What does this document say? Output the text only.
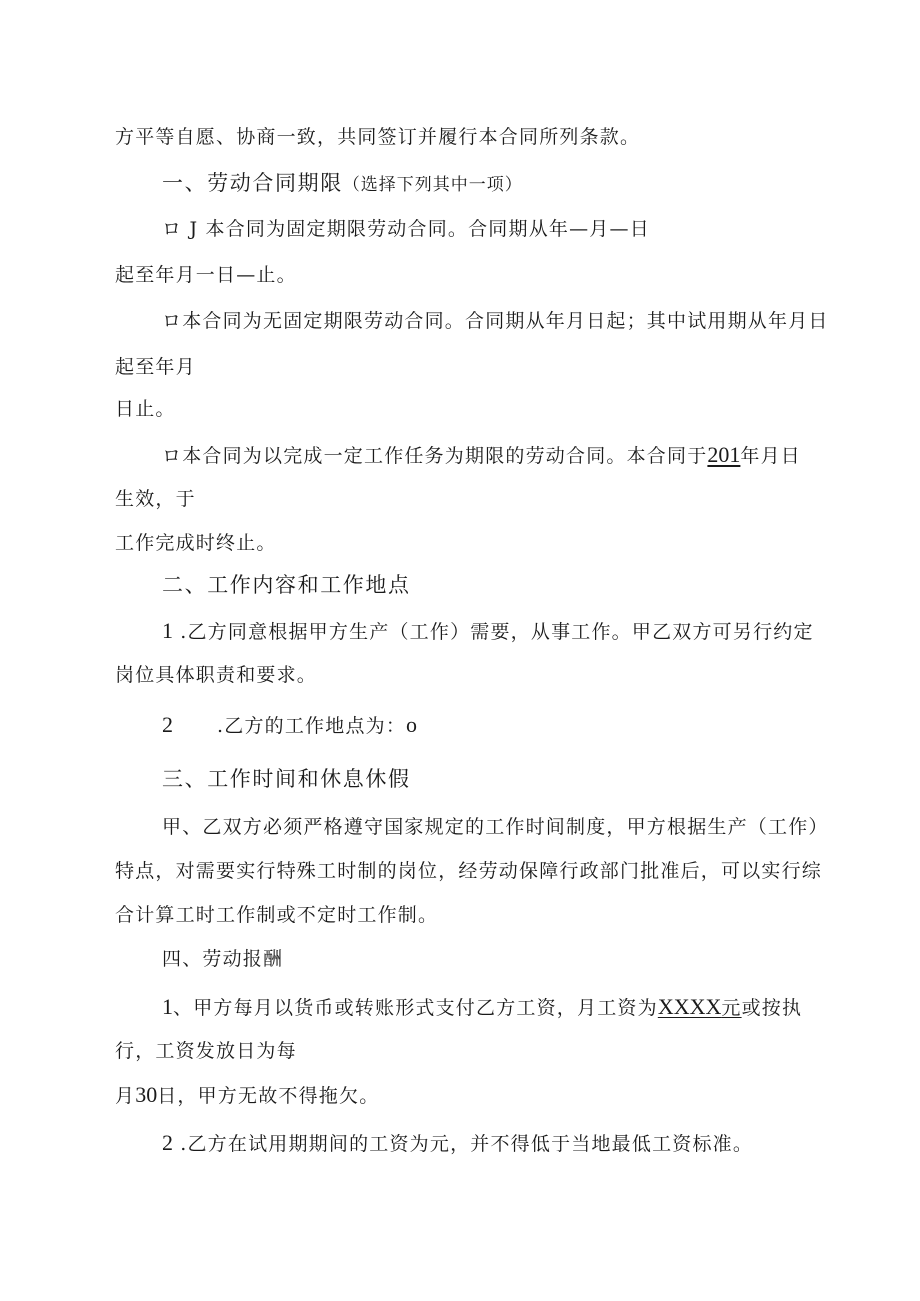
方平等自愿、协商一致，共同签订并履行本合同所列条款。
一、劳动合同期限（选择下列其中一项）
ロ J 本合同为固定期限劳动合同。合同期从年—月—日
起至年月一日—止。
ロ本合同为无固定期限劳动合同。合同期从年月日起；其中试用期从年月日
起至年月
日止。
ロ本合同为以完成一定工作任务为期限的劳动合同。本合同于201年月日
生效，于
工作完成时终止。
二、工作内容和工作地点
1 .乙方同意根据甲方生产（工作）需要，从事工作。甲乙双方可另行约定
岗位具体职责和要求。
2 .乙方的工作地点为：o
三、工作时间和休息休假
甲、乙双方必须严格遵守国家规定的工作时间制度，甲方根据生产（工作）
特点，对需要实行特殊工时制的岗位，经劳动保障行政部门批准后，可以实行综
合计算工时工作制或不定时工作制。
四、劳动报酬
1、甲方每月以货币或转账形式支付乙方工资，月工资为XXXX元或按执
行，工资发放日为每
月30日，甲方无故不得拖欠。
2 .乙方在试用期期间的工资为元，并不得低于当地最低工资标准。
